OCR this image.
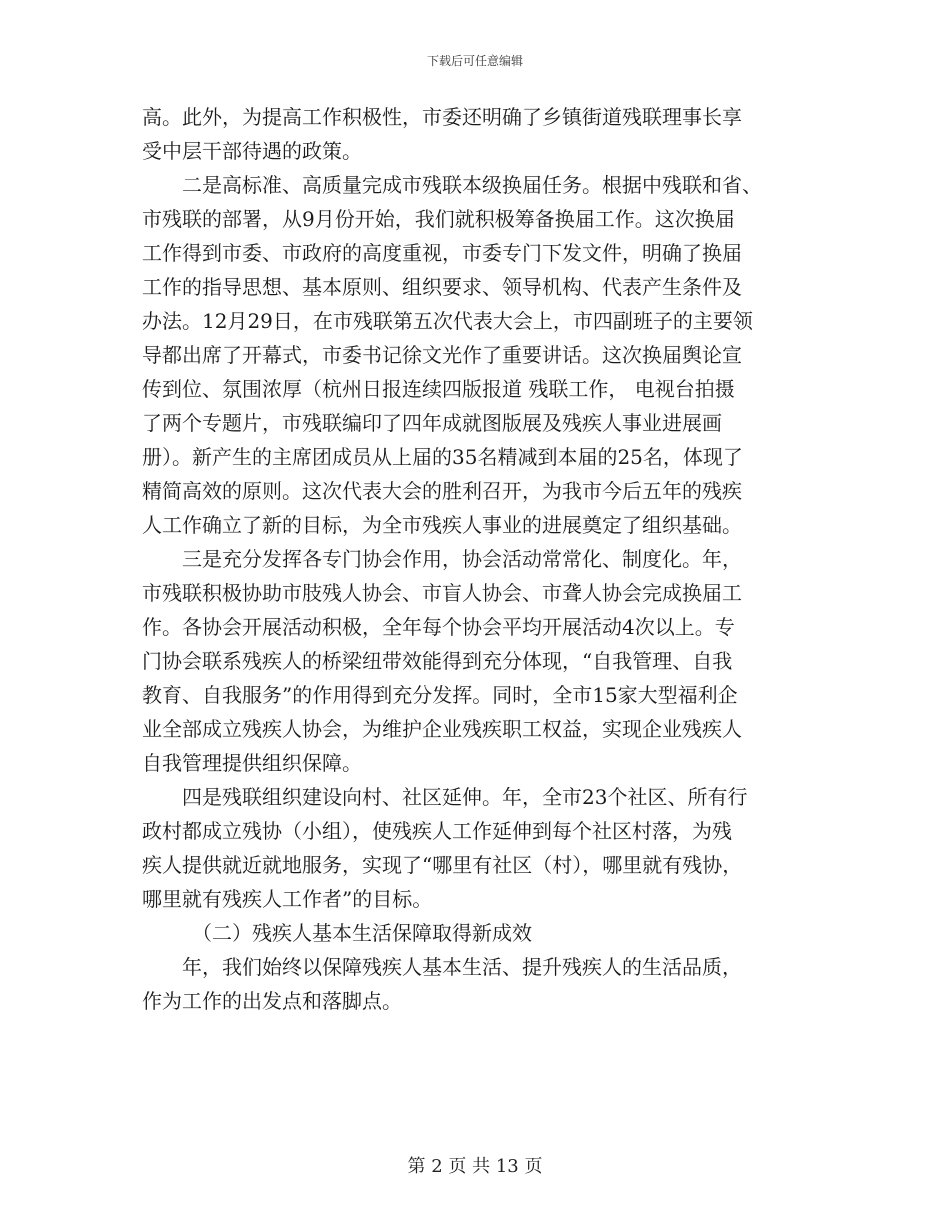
下载后可任意编辑
高。此外，为提高工作积极性，市委还明确了乡镇街道残联理事长享
受中层干部待遇的政策。
二是高标准、高质量完成市残联本级换届任务。根据中残联和省、
市残联的部署，从9月份开始，我们就积极筹备换届工作。这次换届
工作得到市委、市政府的高度重视，市委专门下发文件，明确了换届
工作的指导思想、基本原则、组织要求、领导机构、代表产生条件及
办法。12月29日，在市残联第五次代表大会上，市四副班子的主要领
导都出席了开幕式，市委书记徐文光作了重要讲话。这次换届舆论宣
传到位、氛围浓厚（杭州日报连续四版报道 残联工作， 电视台拍摄
了两个专题片，市残联编印了四年成就图版展及残疾人事业进展画
册）。新产生的主席团成员从上届的35名精减到本届的25名，体现了
精简高效的原则。这次代表大会的胜利召开，为我市今后五年的残疾
人工作确立了新的目标，为全市残疾人事业的进展奠定了组织基础。
三是充分发挥各专门协会作用，协会活动常常化、制度化。年，
市残联积极协助市肢残人协会、市盲人协会、市聋人协会完成换届工
作。各协会开展活动积极，全年每个协会平均开展活动4次以上。专
门协会联系残疾人的桥梁纽带效能得到充分体现，“自我管理、自我
教育、自我服务”的作用得到充分发挥。同时，全市15家大型福利企
业全部成立残疾人协会，为维护企业残疾职工权益，实现企业残疾人
自我管理提供组织保障。
四是残联组织建设向村、社区延伸。年，全市23个社区、所有行
政村都成立残协（小组），使残疾人工作延伸到每个社区村落，为残
疾人提供就近就地服务，实现了“哪里有社区（村），哪里就有残协，
哪里就有残疾人工作者”的目标。
（二）残疾人基本生活保障取得新成效
年，我们始终以保障残疾人基本生活、提升残疾人的生活品质，
作为工作的出发点和落脚点。
第 2 页 共 13 页
